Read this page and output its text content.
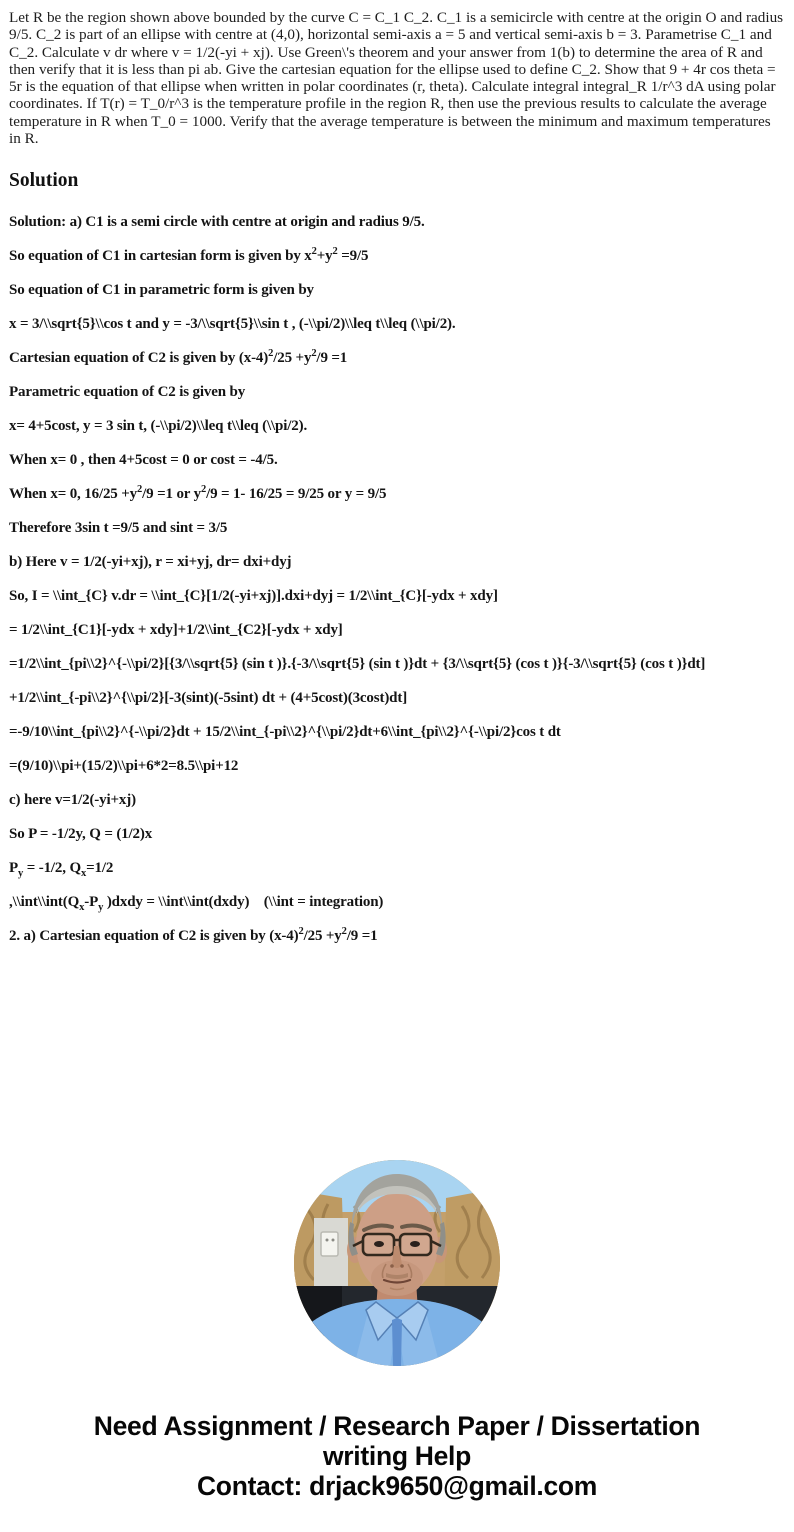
Let R be the region shown above bounded by the curve C = C_1 C_2. C_1 is a semicircle with centre at the origin O and radius 9/5. C_2 is part of an ellipse with centre at (4,0), horizontal semi-axis a = 5 and vertical semi-axis b = 3. Parametrise C_1 and C_2. Calculate v dr where v = 1/2(-yi + xj). Use Green\'s theorem and your answer from 1(b) to determine the area of R and then verify that it is less than pi ab. Give the cartesian equation for the ellipse used to define C_2. Show that 9 + 4r cos theta = 5r is the equation of that ellipse when written in polar coordinates (r, theta). Calculate integral integral_R 1/r^3 dA using polar coordinates. If T(r) = T_0/r^3 is the temperature profile in the region R, then use the previous results to calculate the average temperature in R when T_0 = 1000. Verify that the average temperature is between the minimum and maximum temperatures in R.
Solution

Solution: a) C1 is a semi circle with centre at origin and radius 9/5.

So equation of C1 in cartesian form is given by $x^2+y^2 =9/5$

So equation of C1 in parametric form is given by

x = 3/\\sqrt{5}\\cos t and y = -3/\\sqrt{5}\\sin t , (-\\pi/2)\\leq t\\leq (\\pi/2).

Cartesian equation of C2 is given by $(x-4)^2/25 +y^2/9 =1$

Parametric equation of C2 is given by

x= 4+5cost, y = 3 sin t, (-\\pi/2)\\leq t\\leq (\\pi/2).

When x= 0 , then 4+5cost = 0 or cost = -4/5.

When x= 0, $16/25 +y^2/9 =1$ or $y^2/9 = 1-$ 16/25 = 9/25 or y = 9/5

Therefore 3sin t =9/5 and sint = 3/5

b) Here v = 1/2(-yi+xj), r = xi+yj, dr= dxi+dyj

So, I = \\int_{C} v.dr = \\int_{C}[1/2(-yi+xj)].dxi+dyj = 1/2\\int_{C}[-ydx + xdy]

= 1/2\\int_{C1}[-ydx + xdy]+1/2\\int_{C2}[-ydx + xdy]

=1/2\\int_{pi\\2}^{-\\pi/2}[{3/\\sqrt{5} (sin t )}.{-3/\\sqrt{5} (sin t )}dt + {3/\\sqrt{5} (cos t )}{-3/\\sqrt{5} (cos t )}dt]

+1/2\\int_{-pi\\2}^{\\pi/2}[-3(sint)(-5sint) dt + (4+5cost)(3cost)dt]

=-9/10\\int_{pi\\2}^{-\\pi/2}dt + 15/2\\int_{-pi\\2}^{\\pi/2}dt+6\\int_{pi\\2}^{-\\pi/2}cos t dt

=(9/10)\\pi+(15/2)\\pi+6*2=8.5\\pi+12

c) here v=1/2(-yi+xj)

So P = -1/2y, Q = (1/2)x

$P_y = -1/2$, $Q_x=1/2$

$,\backslash\backslash int\backslash\backslash int(Q_x-P_y$ )dxdy = \\int\\int(dxdy)    (\\int = integration)

2. a) Cartesian equation of C2 is given by $(x-4)^2/25 +y^2/9 =1$

Need Assignment / Research Paper / Dissertation
writing Help
Contact: drjack9650@gmail.com
